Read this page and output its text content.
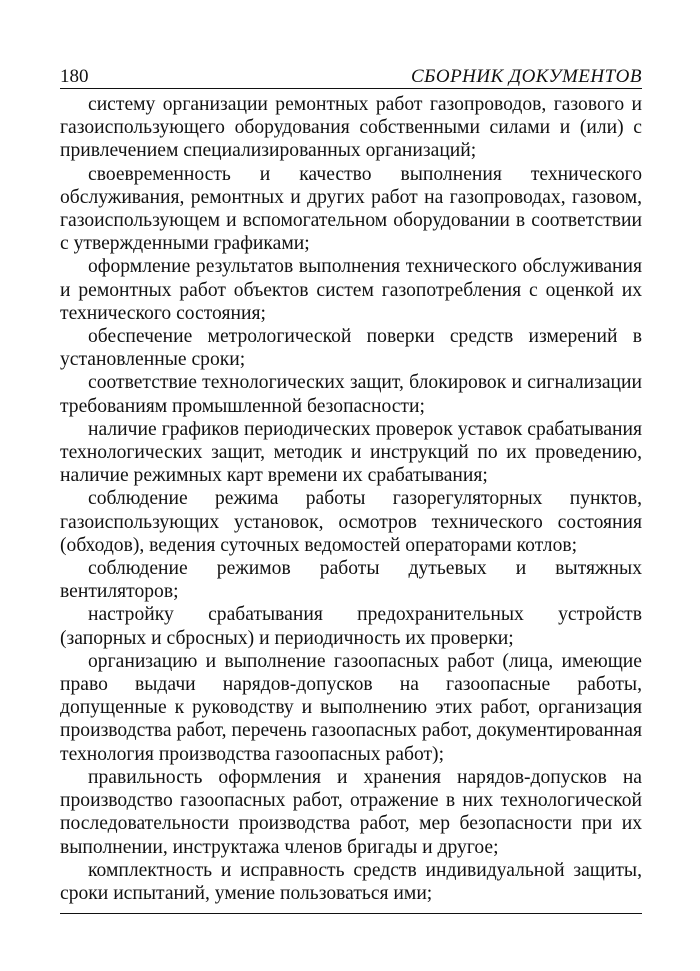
180	СБОРНИК ДОКУМЕНТОВ

систему организации ремонтных работ газопроводов, газового и газоиспользующего оборудования собственными силами и (или) с привлечением специализированных организаций;

своевременность и качество выполнения технического обслуживания, ремонтных и других работ на газопроводах, газовом, газоиспользующем и вспомогательном оборудовании в соответствии с утвержденными графиками;

оформление результатов выполнения технического обслуживания и ремонтных работ объектов систем газопотребления с оценкой их технического состояния;

обеспечение метрологической поверки средств измерений в установленные сроки;

соответствие технологических защит, блокировок и сигнализации требованиям промышленной безопасности;

наличие графиков периодических проверок уставок срабатывания технологических защит, методик и инструкций по их проведению, наличие режимных карт времени их срабатывания;

соблюдение режима работы газорегуляторных пунктов, газоиспользующих установок, осмотров технического состояния (обходов), ведения суточных ведомостей операторами котлов;

соблюдение режимов работы дутьевых и вытяжных вентиляторов;

настройку срабатывания предохранительных устройств (запорных и сбросных) и периодичность их проверки;

организацию и выполнение газоопасных работ (лица, имеющие право выдачи нарядов-допусков на газоопасные работы, допущенные к руководству и выполнению этих работ, организация производства работ, перечень газоопасных работ, документированная технология производства газоопасных работ);

правильность оформления и хранения нарядов-допусков на производство газоопасных работ, отражение в них технологической последовательности производства работ, мер безопасности при их выполнении, инструктажа членов бригады и другое;

комплектность и исправность средств индивидуальной защиты, сроки испытаний, умение пользоваться ими;
